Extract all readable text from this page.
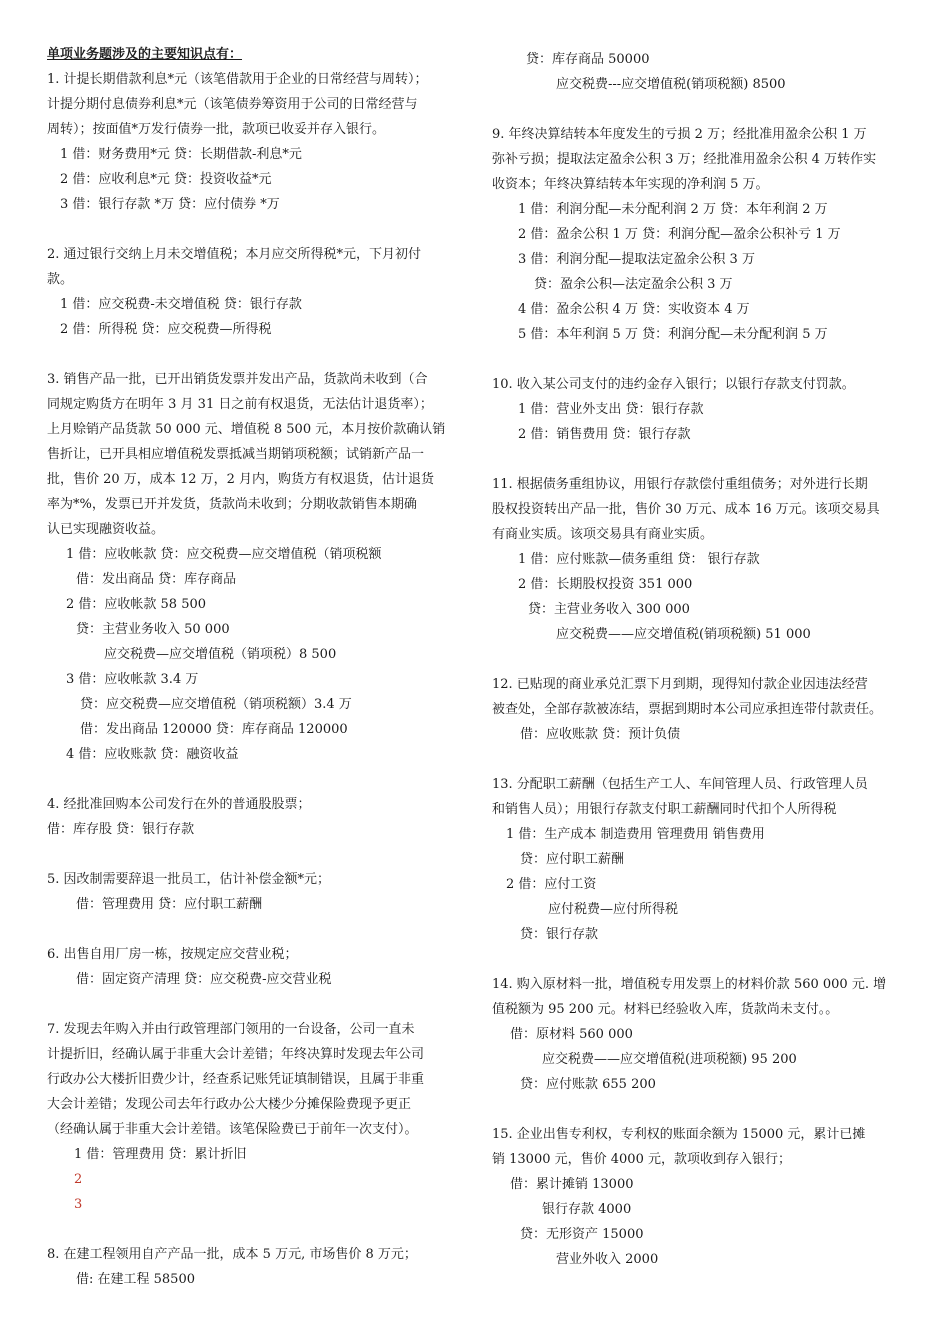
单项业务题涉及的主要知识点有：
1. 计提长期借款利息*元（该笔借款用于企业的日常经营与周转）；
计提分期付息债券利息*元（该笔债券筹资用于公司的日常经营与
周转）；按面值*万发行债券一批，款项已收妥并存入银行。
1 借：财务费用*元 贷：长期借款-利息*元
2 借：应收利息*元 贷：投资收益*元
3 借：银行存款 *万 贷：应付债券 *万
2. 通过银行交纳上月未交增值税；本月应交所得税*元，下月初付
款。
1 借：应交税费-未交增值税 贷：银行存款
2 借：所得税 贷：应交税费—所得税
3. 销售产品一批，已开出销货发票并发出产品，货款尚未收到（合
同规定购货方在明年 3 月 31 日之前有权退货，无法估计退货率）；
上月赊销产品货款 50 000 元、增值税 8 500 元，本月按价款确认销
售折让，已开具相应增值税发票抵减当期销项税额；试销新产品一
批，售价 20 万，成本 12 万，2 月内，购货方有权退货，估计退货
率为*%，发票已开并发货，货款尚未收到；分期收款销售本期确
认已实现融资收益。
1 借：应收帐款 贷：应交税费—应交增值税（销项税额
借：发出商品 贷：库存商品
2 借：应收帐款 58 500
贷：主营业务收入 50 000
应交税费—应交增值税（销项税）8 500
3 借：应收帐款 3.4 万
贷：应交税费—应交增值税（销项税额）3.4 万
借：发出商品 120000 贷：库存商品 120000
4 借：应收账款 贷：融资收益
4. 经批准回购本公司发行在外的普通股股票；
借：库存股 贷：银行存款
5. 因改制需要辞退一批员工，估计补偿金额*元；
借：管理费用 贷：应付职工薪酬
6. 出售自用厂房一栋，按规定应交营业税；
借：固定资产清理 贷：应交税费-应交营业税
7. 发现去年购入并由行政管理部门领用的一台设备，公司一直未
计提折旧，经确认属于非重大会计差错；年终决算时发现去年公司
行政办公大楼折旧费少计，经查系记账凭证填制错误，且属于非重
大会计差错；发现公司去年行政办公大楼少分摊保险费现予更正
（经确认属于非重大会计差错。该笔保险费已于前年一次支付）。
1 借：管理费用 贷：累计折旧
2
3
8. 在建工程领用自产产品一批，成本 5 万元, 市场售价 8 万元；
借: 在建工程 58500
贷：库存商品 50000
应交税费---应交增值税(销项税额) 8500
9. 年终决算结转本年度发生的亏损 2 万；经批准用盈余公积 1 万
弥补亏损；提取法定盈余公积 3 万；经批准用盈余公积 4 万转作实
收资本；年终决算结转本年实现的净利润 5 万。
1 借：利润分配—未分配利润 2 万 贷：本年利润 2 万
2 借：盈余公积 1 万 贷：利润分配—盈余公积补亏 1 万
3 借：利润分配—提取法定盈余公积 3 万
贷：盈余公积—法定盈余公积 3 万
4 借：盈余公积 4 万 贷：实收资本 4 万
5 借：本年利润 5 万 贷：利润分配—未分配利润 5 万
10. 收入某公司支付的违约金存入银行；以银行存款支付罚款。
1 借：营业外支出 贷：银行存款
2 借：销售费用 贷：银行存款
11. 根据债务重组协议，用银行存款偿付重组债务；对外进行长期
股权投资转出产品一批，售价 30 万元、成本 16 万元。该项交易具
有商业实质。该项交易具有商业实质。
1 借：应付账款—债务重组 贷： 银行存款
2 借：长期股权投资 351 000
贷：主营业务收入 300 000
应交税费——应交增值税(销项税额) 51 000
12. 已贴现的商业承兑汇票下月到期，现得知付款企业因违法经营
被查处，全部存款被冻结，票据到期时本公司应承担连带付款责任。
借：应收账款 贷：预计负债
13. 分配职工薪酬（包括生产工人、车间管理人员、行政管理人员
和销售人员）；用银行存款支付职工薪酬同时代扣个人所得税
1 借：生产成本 制造费用 管理费用 销售费用
贷：应付职工薪酬
2 借：应付工资
应付税费—应付所得税
贷：银行存款
14. 购入原材料一批，增值税专用发票上的材料价款 560 000 元. 增
值税额为 95 200 元。材料已经验收入库，货款尚未支付。。
借：原材料 560 000
应交税费——应交增值税(进项税额) 95 200
贷：应付账款 655 200
15. 企业出售专利权，专利权的账面余额为 15000 元，累计已摊
销 13000 元，售价 4000 元，款项收到存入银行；
借：累计摊销 13000
银行存款 4000
贷：无形资产 15000
营业外收入 2000
